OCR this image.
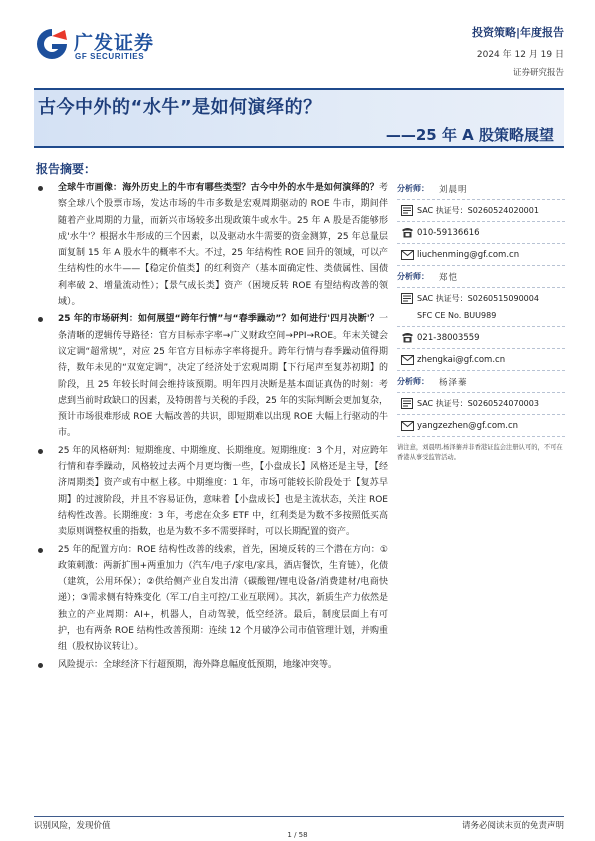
广发证券
GF SECURITIES
投资策略|年度报告
2024 年 12 月 19 日
证券研究报告
古今中外的“水牛”是如何演绎的？
——25 年 A 股策略展望
报告摘要：
全球牛市画像：海外历史上的牛市有哪些类型？古今中外的水牛是如何演绎的？考察全球八个股票市场，发达市场的牛市多数是宏观周期驱动的 ROE 牛市，期间伴随着产业周期的力量，而新兴市场较多出现政策牛或水牛。25 年 A 股是否能够形成'水牛'？根据水牛形成的三个因素，以及驱动水牛需要的资金测算，25 年总量层面复制 15 年 A 股水牛的概率不大。不过，25 年结构性 ROE 回升的领域，可以产生结构性的水牛——【稳定价值类】的红利资产（基本面确定性、类债属性、国债利率破 2、增量流动性）；【景气成长类】资产（困境反转 ROE 有望结构改善的领域）。
25 年的市场研判：如何展望“跨年行情”与“春季躁动”？如何进行'四月决断'？一条清晰的逻辑传导路径：官方目标赤字率→广义财政空间→PPI→ROE。年末关键会议定调“超常规”，对应 25 年官方目标赤字率将提升。跨年行情与春季躁动值得期待，数年未见的“双宽定调”，决定了经济处于宏观周期【下行尾声至复苏初期】的阶段，且 25 年较长时间会维持该预期。明年四月决断是基本面证真伪的时刻：考虑到当前时政缺口的因素，及特朗普与关税的手段，25 年的实际判断会更加复杂，预计市场很难形成 ROE 大幅改善的共识，即短期难以出现 ROE 大幅上行驱动的牛市。
25 年的风格研判：短期维度、中期维度、长期维度。短期维度：3 个月，对应跨年行情和春季躁动，风格较过去两个月更均衡一些，【小盘成长】风格还是主导，【经济周期类】资产或有中枢上移。中期维度：1 年，市场可能较长阶段处于【复苏早期】的过渡阶段，并且不容易证伪，意味着【小盘成长】也是主流状态，关注 ROE 结构性改善。长期维度：3 年，考虑在众多 ETF 中，红利类是为数不多按照低买高卖原则调整权重的指数，也是为数不多不需要择时，可以长期配置的资产。
25 年的配置方向：ROE 结构性改善的线索，首先，困境反转的三个潜在方向：①政策刺激：两新扩围+两重加力（汽车/电子/家电/家具，酒店餐饮，生育链），化债（建筑，公用环保）；②供给侧产业自发出清（碳酸锂/锂电设备/消费建材/电商快递）；③需求侧有特殊变化（军工/自主可控/工业互联网）。其次，新质生产力依然是独立的产业周期：AI+，机器人，自动驾驶，低空经济。最后，制度层面上有可护，也有两条 ROE 结构性改善预期：连续 12 个月破净公司市值管理计划，并购重组（股权协议转让）。
风险提示：全球经济下行超预期，海外降息幅度低预期，地缘冲突等。
分析师：	刘晨明
SAC 执证号：S0260524020001
010-59136616
liuchenming@gf.com.cn
分析师：	郑恺
SAC 执证号：S0260515090004
SFC CE No. BUU989
021-38003559
zhengkai@gf.com.cn
分析师：	杨泽蓁
SAC 执证号：S0260524070003
yangzezhen@gf.com.cn
请注意，刘晨明,杨泽蓁并非香港证监会注册认可的，不可在香港从事受监管活动。
识别风险，发现价值	请务必阅读末页的免责声明
1 / 58
